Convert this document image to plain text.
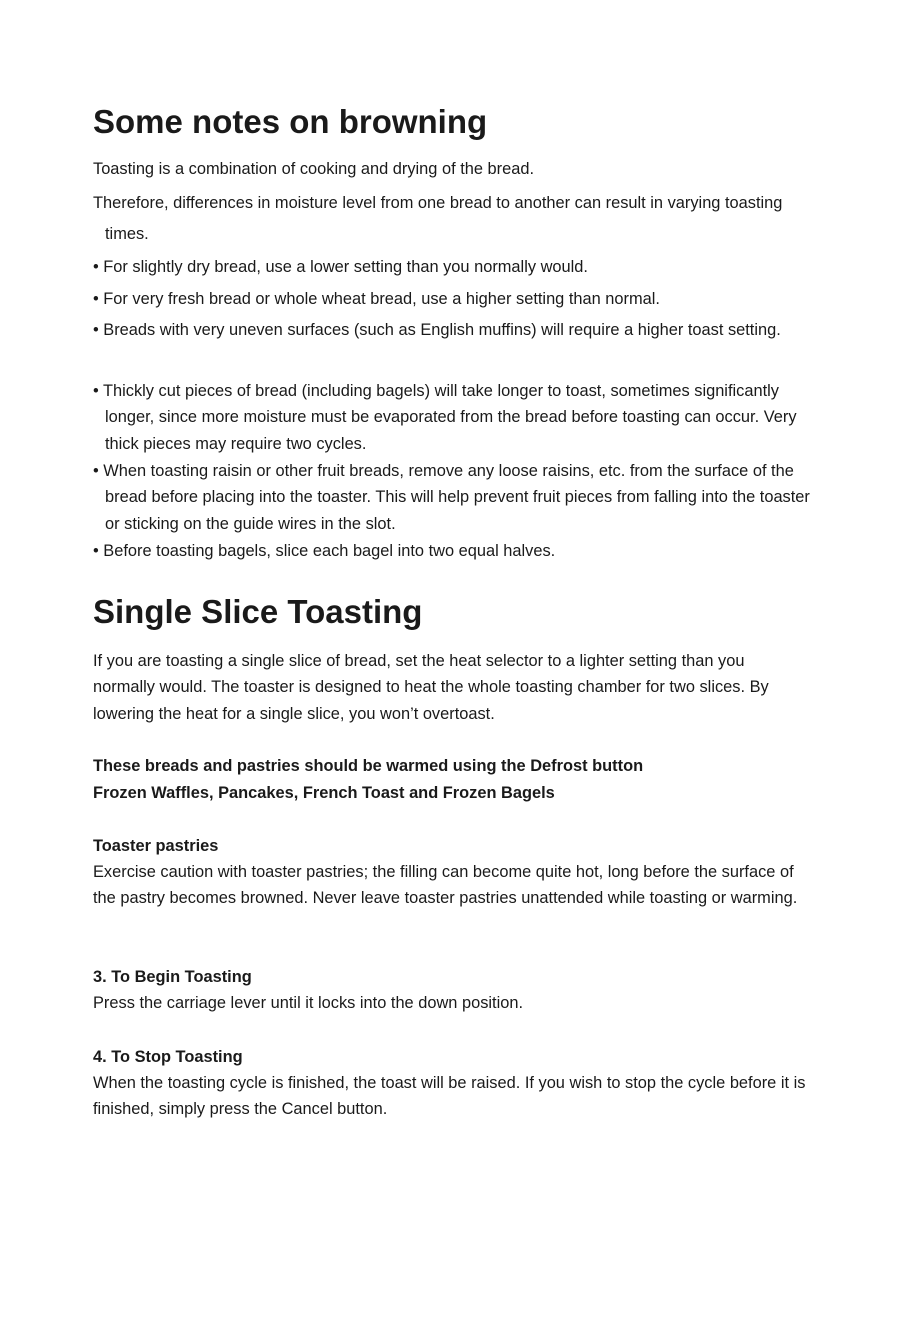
Some notes on browning

Toasting is a combination of cooking and drying of the bread.

Therefore, differences in moisture level from one bread to another can result in varying toasting times.

• For slightly dry bread, use a lower setting than you normally would.

• For very fresh bread or whole wheat bread, use a higher setting than normal.

• Breads with very uneven surfaces (such as English muffins) will require a higher toast setting.

• Thickly cut pieces of bread (including bagels) will take longer to toast, sometimes significantly longer, since more moisture must be evaporated from the bread before toasting can occur. Very thick pieces may require two cycles.

• When toasting raisin or other fruit breads, remove any loose raisins, etc. from the surface of the bread before placing into the toaster. This will help prevent fruit pieces from falling into the toaster or sticking on the guide wires in the slot.

• Before toasting bagels, slice each bagel into two equal halves.

Single Slice Toasting

If you are toasting a single slice of bread, set the heat selector to a lighter setting than you normally would. The toaster is designed to heat the whole toasting chamber for two slices. By lowering the heat for a single slice, you won’t overtoast.

These breads and pastries should be warmed using the Defrost button

Frozen Waffles, Pancakes, French Toast and Frozen Bagels

Toaster pastries

Exercise caution with toaster pastries; the filling can become quite hot, long before the surface of the pastry becomes browned. Never leave toaster pastries unattended while toasting or warming.

3. To Begin Toasting

Press the carriage lever until it locks into the down position.

4. To Stop Toasting

When the toasting cycle is finished, the toast will be raised. If you wish to stop the cycle before it is finished, simply press the Cancel button.
